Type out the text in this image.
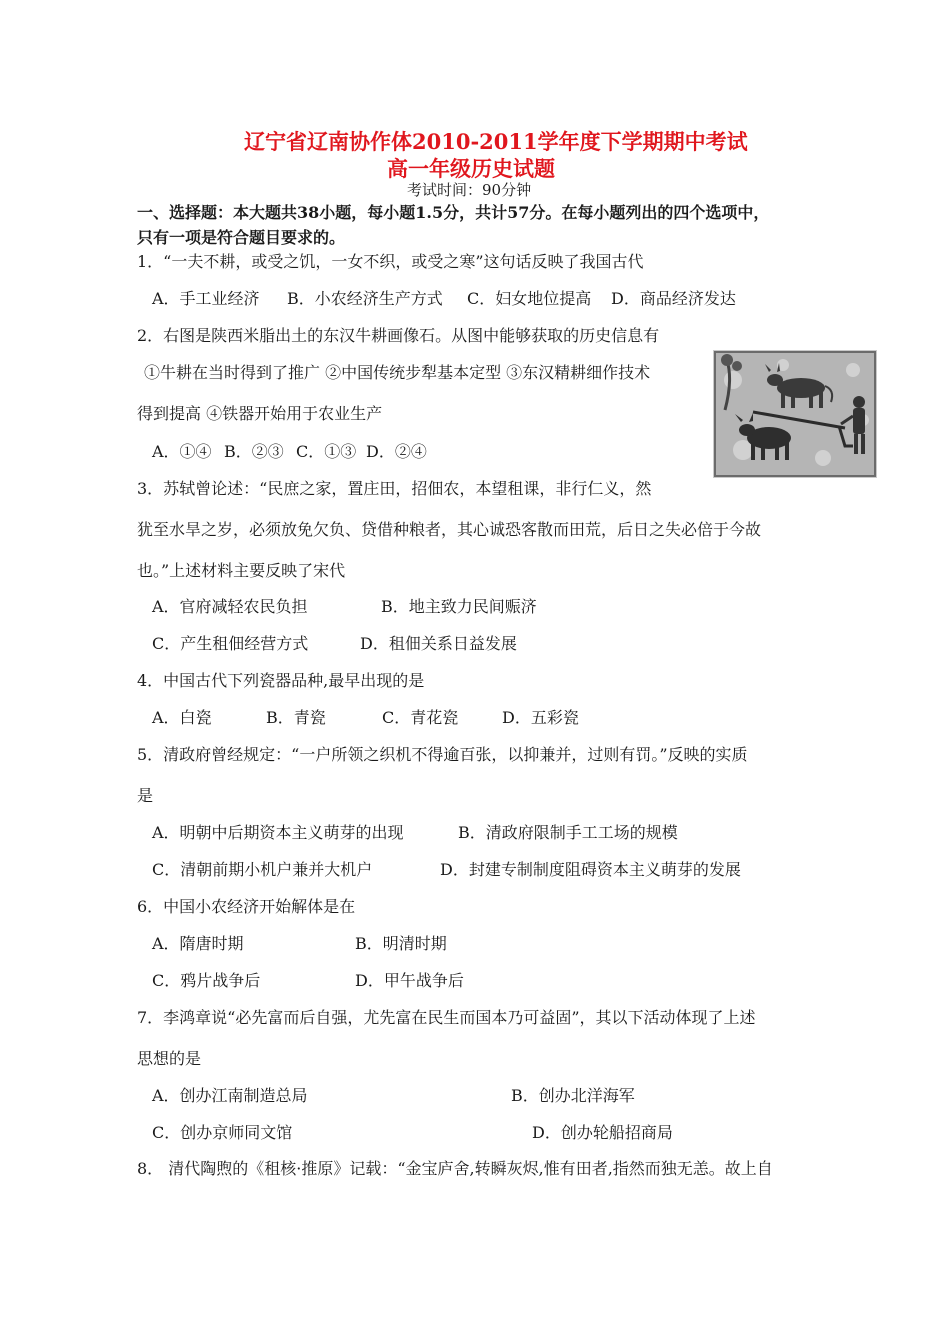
辽宁省辽南协作体2010-2011学年度下学期期中考试
高一年级历史试题
考试时间：90分钟
一、选择题：本大题共38小题，每小题1.5分，共计57分。在每小题列出的四个选项中，
只有一项是符合题目要求的。
1．“一夫不耕，或受之饥，一女不织，或受之寒”这句话反映了我国古代
A．手工业经济 B．小农经济生产方式 C．妇女地位提高 D．商品经济发达
2．右图是陕西米脂出土的东汉牛耕画像石。从图中能够获取的历史信息有
①牛耕在当时得到了推广 ②中国传统步犁基本定型 ③东汉精耕细作技术
得到提高 ④铁器开始用于农业生产
A．①④ B．②③ C．①③ D．②④
3．苏轼曾论述：“民庶之家，置庄田，招佃农，本望租课，非行仁义，然
犹至水旱之岁，必须放免欠负、贷借种粮者，其心诚恐客散而田荒，后日之失必倍于今故
也。”上述材料主要反映了宋代
A．官府减轻农民负担	B．地主致力民间赈济
C．产生租佃经营方式	D．租佃关系日益发展
4．中国古代下列瓷器品种,最早出现的是
A．白瓷	B．青瓷	C．青花瓷	D．五彩瓷
5．清政府曾经规定：“一户所领之织机不得逾百张，以抑兼并，过则有罚。”反映的实质
是
A．明朝中后期资本主义萌芽的出现	B．清政府限制手工工场的规模
C．清朝前期小机户兼并大机户	D．封建专制制度阻碍资本主义萌芽的发展
6．中国小农经济开始解体是在
A．隋唐时期	B．明清时期
C．鸦片战争后	D．甲午战争后
7．李鸿章说“必先富而后自强，尤先富在民生而国本乃可益固”，其以下活动体现了上述
思想的是
A．创办江南制造总局	B．创办北洋海军
C．创办京师同文馆	D．创办轮船招商局
8． 清代陶煦的《租核·推原》记载：“金宝庐舍,转瞬灰烬,惟有田者,指然而独无恙。故上自
